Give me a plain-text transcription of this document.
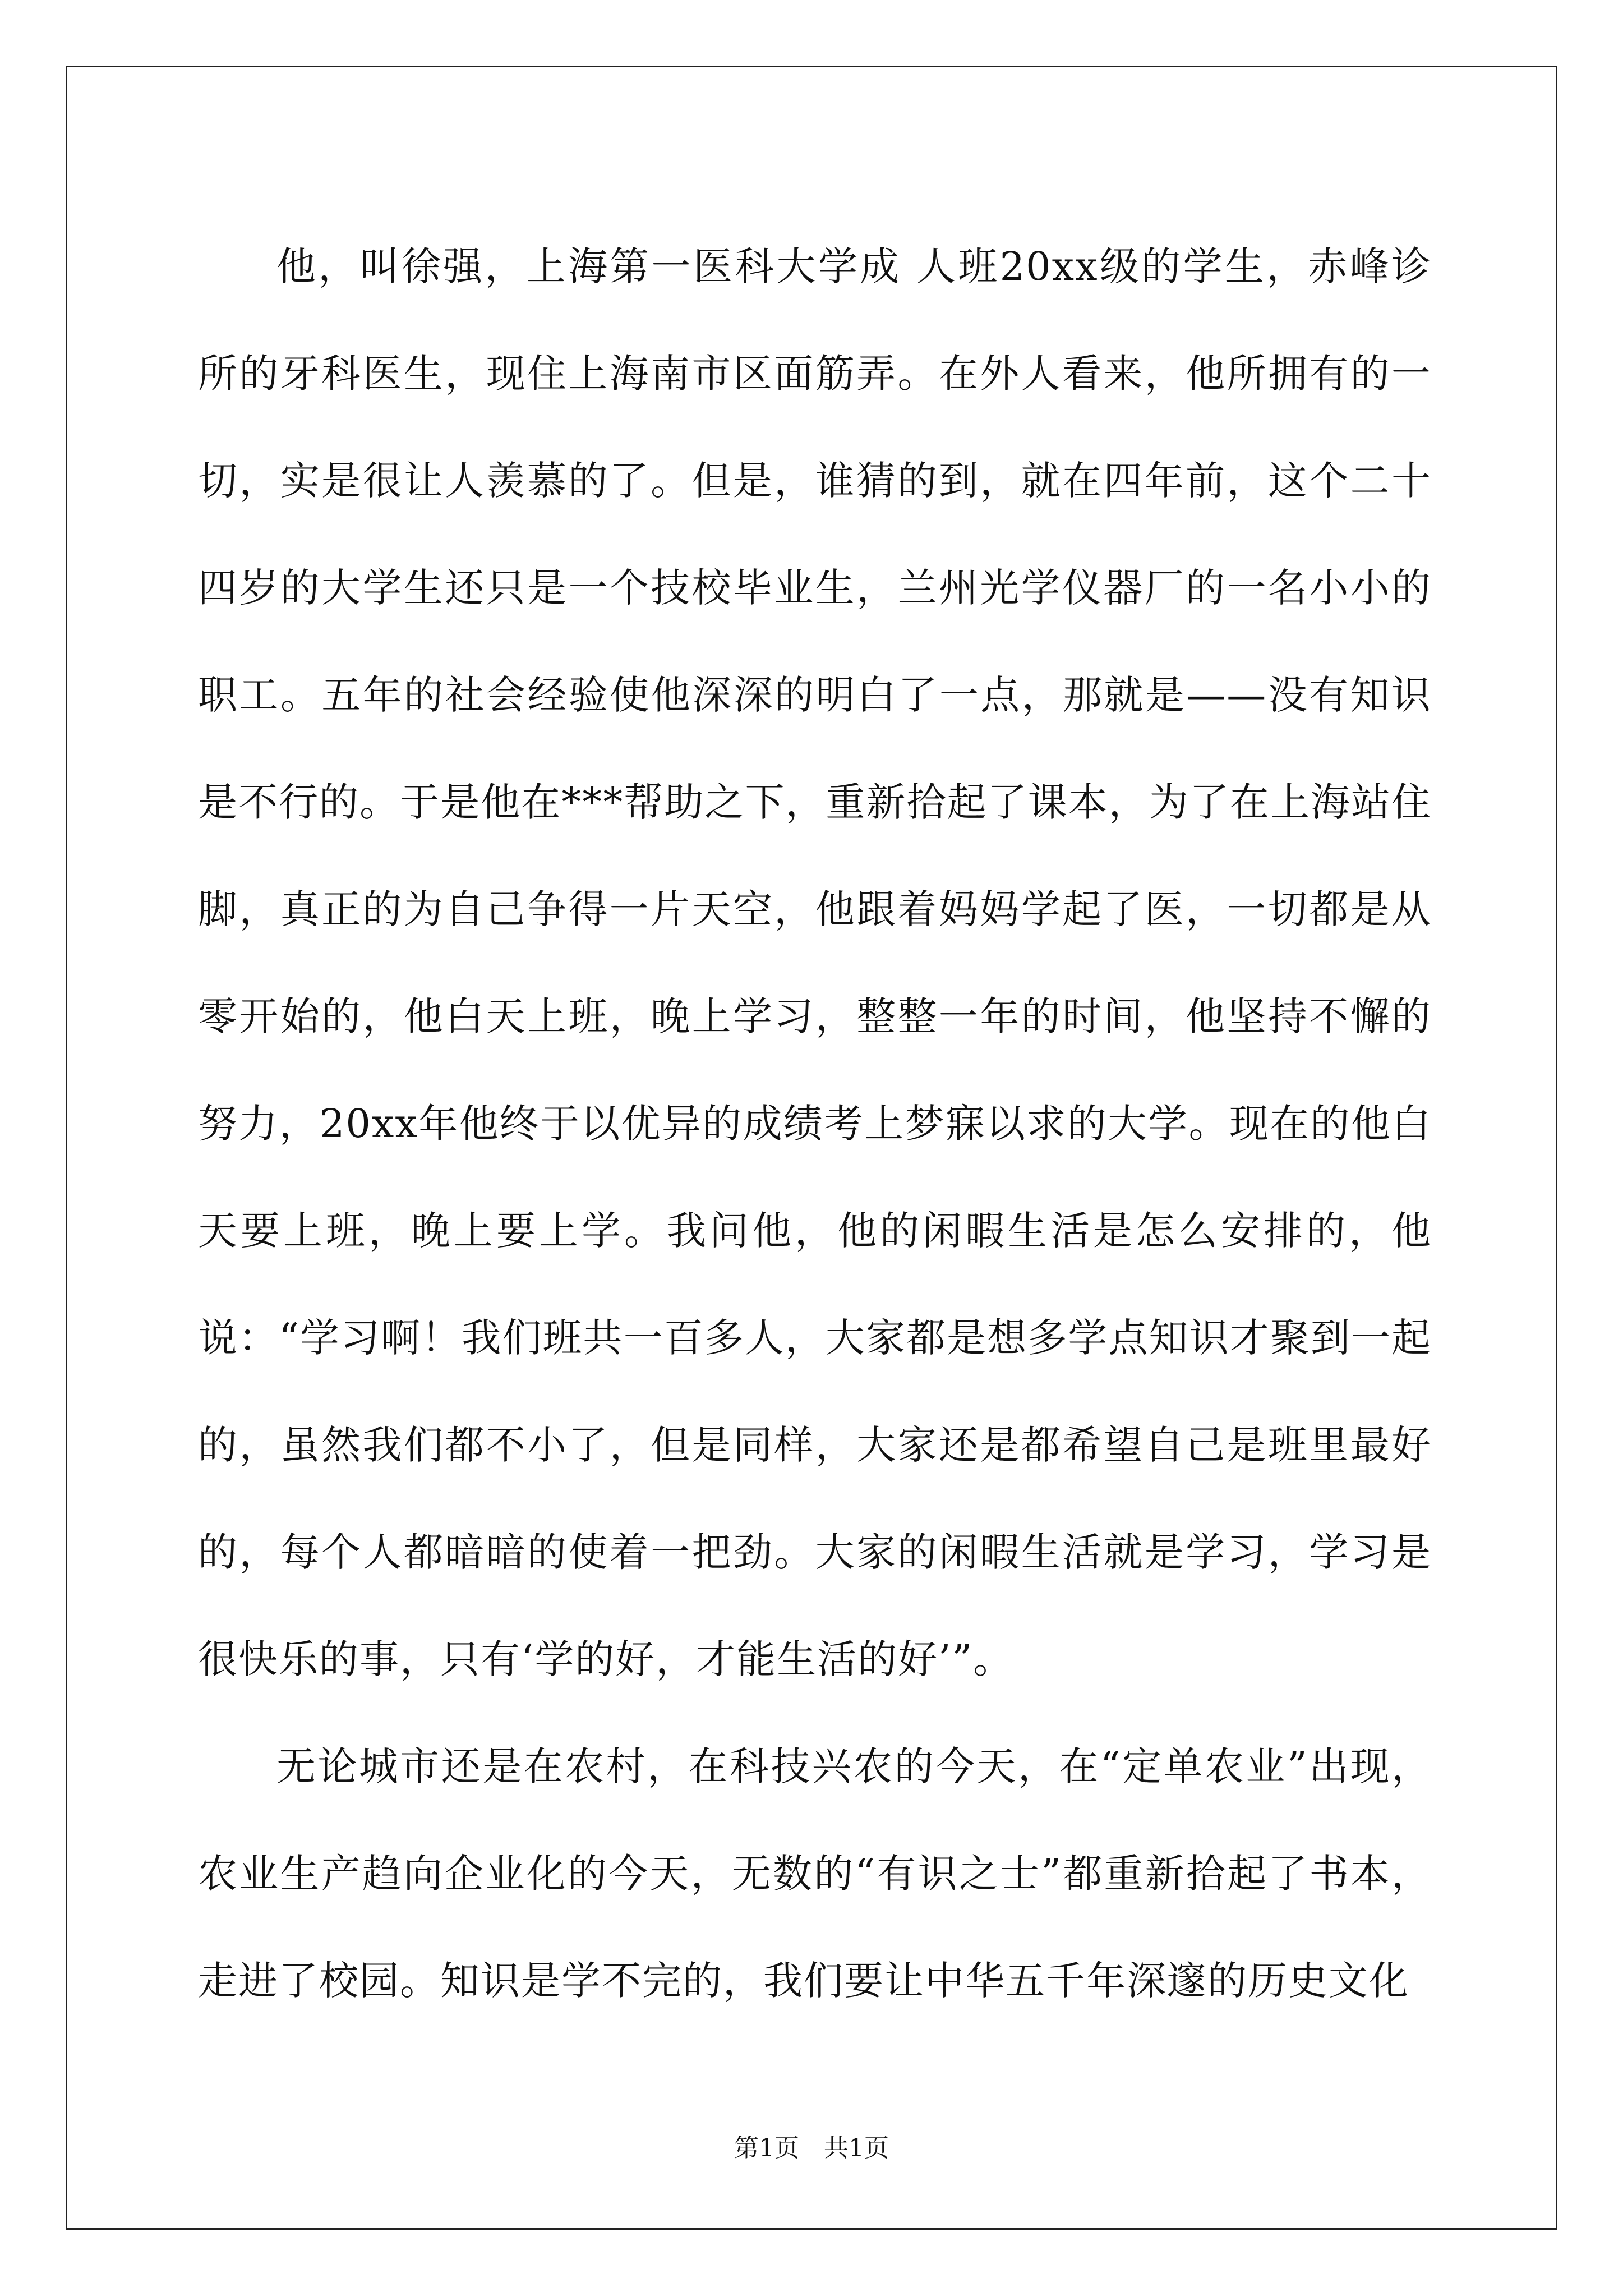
他，叫徐强，上海第一医科大学成 人班20xx级的学生，赤峰诊所的牙科医生，现住上海南市区面筋弄。在外人看来，他所拥有的一切，实是很让人羡慕的了。但是，谁猜的到，就在四年前，这个二十四岁的大学生还只是一个技校毕业生，兰州光学仪器厂的一名小小的职工。五年的社会经验使他深深的明白了一点，那就是——没有知识是不行的。于是他在***帮助之下，重新拾起了课本，为了在上海站住脚，真正的为自己争得一片天空，他跟着妈妈学起了医，一切都是从零开始的，他白天上班，晚上学习，整整一年的时间，他坚持不懈的努力，20xx年他终于以优异的成绩考上梦寐以求的大学。现在的他白天要上班，晚上要上学。我问他，他的闲暇生活是怎么安排的，他说：“学习啊！我们班共一百多人，大家都是想多学点知识才聚到一起的，虽然我们都不小了，但是同样，大家还是都希望自己是班里最好的，每个人都暗暗的使着一把劲。大家的闲暇生活就是学习，学习是很快乐的事，只有‘学的好，才能生活的好’”。

无论城市还是在农村，在科技兴农的今天，在“定单农业”出现，农业生产趋向企业化的今天，无数的“有识之士”都重新拾起了书本，走进了校园。知识是学不完的，我们要让中华五千年深邃的历史文化

第1页　共1页
